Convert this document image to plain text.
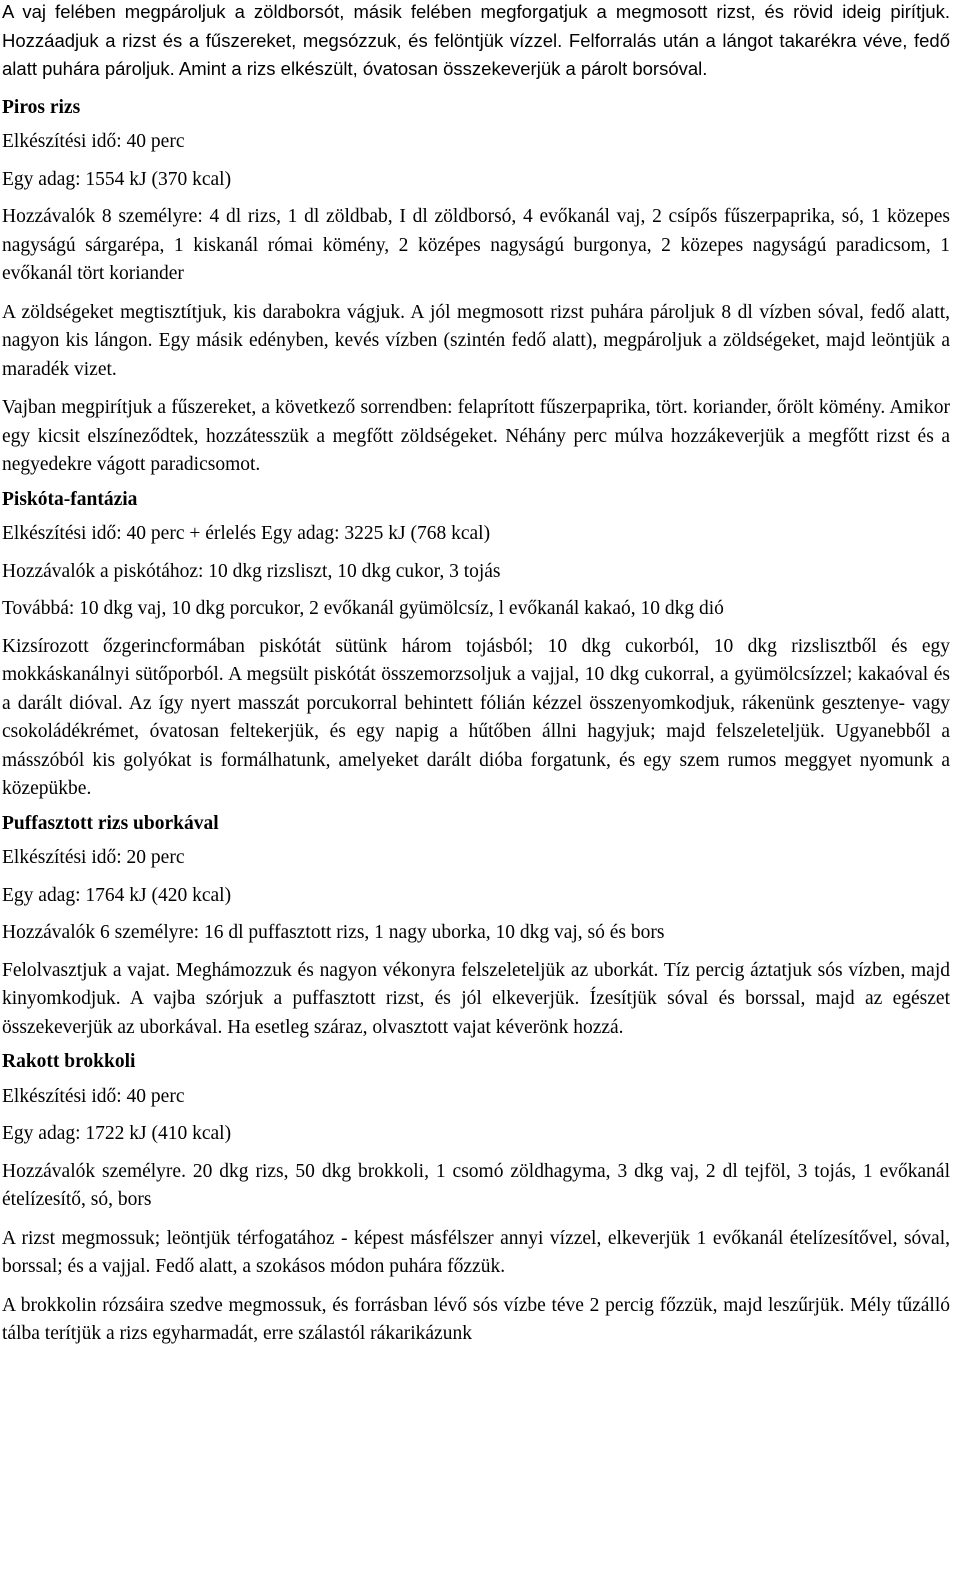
A vaj felében megpároljuk a zöldborsót, másik felében megforgatjuk a megmosott rizst, és rövid ideig pirítjuk. Hozzáadjuk a rizst és a fűszereket, megsózzuk, és felöntjük vízzel. Felforralás után a lángot takarékra véve, fedő alatt puhára pároljuk. Amint a rizs elkészült, óvatosan összekeverjük a párolt borsóval.

Piros rizs

Elkészítési idő: 40 perc

Egy adag: 1554 kJ (370 kcal)

Hozzávalók 8 személyre: 4 dl rizs, 1 dl zöldbab, I dl zöldborsó, 4 evőkanál vaj, 2 csípős fűszerpaprika, só, 1 közepes nagyságú sárgarépa, 1 kiskanál római kömény, 2 középes nagyságú burgonya, 2 közepes nagyságú paradicsom, 1 evőkanál tört koriander

A zöldségeket megtisztítjuk, kis darabokra vágjuk. A jól megmosott rizst puhára pároljuk 8 dl vízben sóval, fedő alatt, nagyon kis lángon. Egy másik edényben, kevés vízben (szintén fedő alatt), megpároljuk a zöldségeket, majd leöntjük a maradék vizet.

Vajban megpirítjuk a fűszereket, a következő sorrendben: felaprított fűszerpaprika, tört. koriander, őrölt kömény. Amikor egy kicsit elszíneződtek, hozzátesszük a megfőtt zöldségeket. Néhány perc múlva hozzákeverjük a megfőtt rizst és a negyedekre vágott paradicsomot.

Piskóta-fantázia

Elkészítési idő: 40 perc + érlelés Egy adag: 3225 kJ (768 kcal)

Hozzávalók a piskótához: 10 dkg rizsliszt, 10 dkg cukor, 3 tojás

Továbbá: 10 dkg vaj, 10 dkg porcukor, 2 evőkanál gyümölcsíz, l evőkanál kakaó, 10 dkg dió

Kizsírozott őzgerincformában piskótát sütünk három tojásból; 10 dkg cukorból, 10 dkg rizslisztből és egy mokkáskanálnyi sütőporból. A megsült piskótát összemorzsoljuk a vajjal, 10 dkg cukorral, a gyümölcsízzel; kakaóval és a darált dióval. Az így nyert masszát porcukorral behintett fólián kézzel összenyomkodjuk, rákenünk gesztenye- vagy csokoládékrémet, óvatosan feltekerjük, és egy napig a hűtőben állni hagyjuk; majd felszeleteljük. Ugyanebből a másszóból kis golyókat is formálhatunk, amelyeket darált dióba forgatunk, és egy szem rumos meggyet nyomunk a közepükbe.

Puffasztott rizs uborkával

Elkészítési idő: 20 perc

Egy adag: 1764 kJ (420 kcal)

Hozzávalók 6 személyre: 16 dl puffasztott rizs, 1 nagy uborka, 10 dkg vaj, só és bors

Felolvasztjuk a vajat. Meghámozzuk és nagyon vékonyra felszeleteljük az uborkát. Tíz percig áztatjuk sós vízben, majd kinyomkodjuk. A vajba szórjuk a puffasztott rizst, és jól elkeverjük. Ízesítjük sóval és borssal, majd az egészet összekeverjük az uborkával. Ha esetleg száraz, olvasztott vajat kéverönk hozzá.

Rakott brokkoli

Elkészítési idő: 40 perc

Egy adag: 1722 kJ (410 kcal)

Hozzávalók személyre. 20 dkg rizs, 50 dkg brokkoli, 1 csomó zöldhagyma, 3 dkg vaj, 2 dl tejföl, 3 tojás, 1 evőkanál ételízesítő, só, bors

A rizst megmossuk; leöntjük térfogatához - képest másfélszer annyi vízzel, elkeverjük 1 evőkanál ételízesítővel, sóval, borssal; és a vajjal. Fedő alatt, a szokásos módon puhára főzzük.

A brokkolin rózsáira szedve megmossuk, és forrásban lévő sós vízbe téve 2 percig főzzük, majd leszűrjük. Mély tűzálló tálba terítjük a rizs egyharmadát, erre szálastól rákarikázunk
